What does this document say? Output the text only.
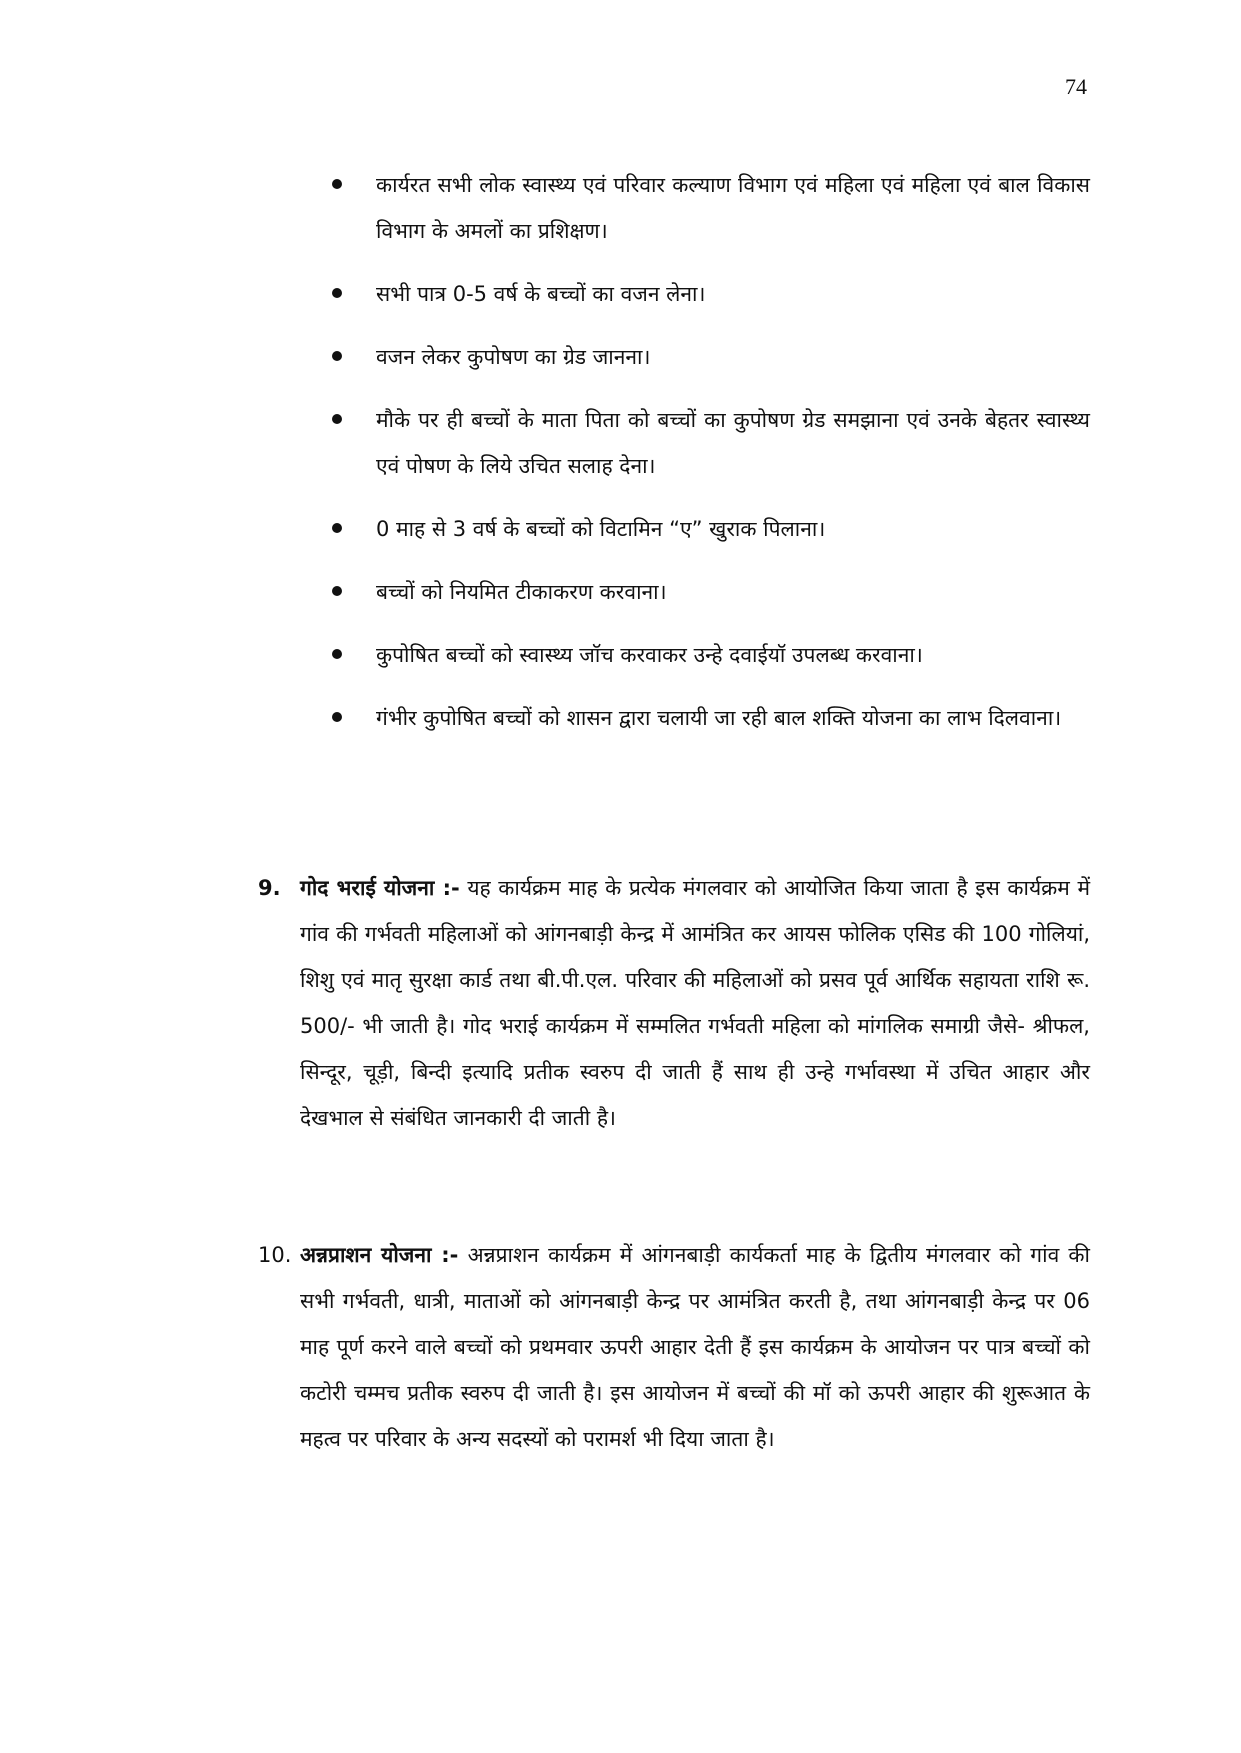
74
कार्यरत सभी लोक स्वास्थ्य एवं परिवार कल्याण विभाग एवं महिला एवं महिला एवं बाल विकास विभाग के अमलों का प्रशिक्षण।
सभी पात्र 0-5 वर्ष के बच्चों का वजन लेना।
वजन लेकर कुपोषण का ग्रेड जानना।
मौके पर ही बच्चों के माता पिता को बच्चों का कुपोषण ग्रेड समझाना एवं उनके बेहतर स्वास्थ्य एवं पोषण के लिये उचित सलाह देना।
0 माह से 3 वर्ष के बच्चों को विटामिन “ए” खुराक पिलाना।
बच्चों को नियमित टीकाकरण करवाना।
कुपोषित बच्चों को स्वास्थ्य जॉच करवाकर उन्हे दवाईयॉ उपलब्ध करवाना।
गंभीर कुपोषित बच्चों को शासन द्वारा चलायी जा रही बाल शक्ति योजना का लाभ दिलवाना।
9. गोद भराई योजना :- यह कार्यक्रम माह के प्रत्येक मंगलवार को आयोजित किया जाता है इस कार्यक्रम में गांव की गर्भवती महिलाओं को आंगनबाड़ी केन्द्र में आमंत्रित कर आयस फोलिक एसिड की 100 गोलियां, शिशु एवं मातृ सुरक्षा कार्ड तथा बी.पी.एल. परिवार की महिलाओं को प्रसव पूर्व आर्थिक सहायता राशि रू. 500/- भी जाती है। गोद भराई कार्यक्रम में सम्मलित गर्भवती महिला को मांगलिक समाग्री जैसे- श्रीफल, सिन्दूर, चूड़ी, बिन्दी इत्यादि प्रतीक स्वरुप दी जाती हैं साथ ही उन्हे गर्भावस्था में उचित आहार और देखभाल से संबंधित जानकारी दी जाती है।
10. अन्नप्राशन योजना :- अन्नप्राशन कार्यक्रम में आंगनबाड़ी कार्यकर्ता माह के द्वितीय मंगलवार को गांव की सभी गर्भवती, धात्री, माताओं को आंगनबाड़ी केन्द्र पर आमंत्रित करती है, तथा आंगनबाड़ी केन्द्र पर 06 माह पूर्ण करने वाले बच्चों को प्रथमवार ऊपरी आहार देती हैं इस कार्यक्रम के आयोजन पर पात्र बच्चों को कटोरी चम्मच प्रतीक स्वरुप दी जाती है। इस आयोजन में बच्चों की मॉ को ऊपरी आहार की शुरूआत के महत्व पर परिवार के अन्य सदस्यों को परामर्श भी दिया जाता है।
